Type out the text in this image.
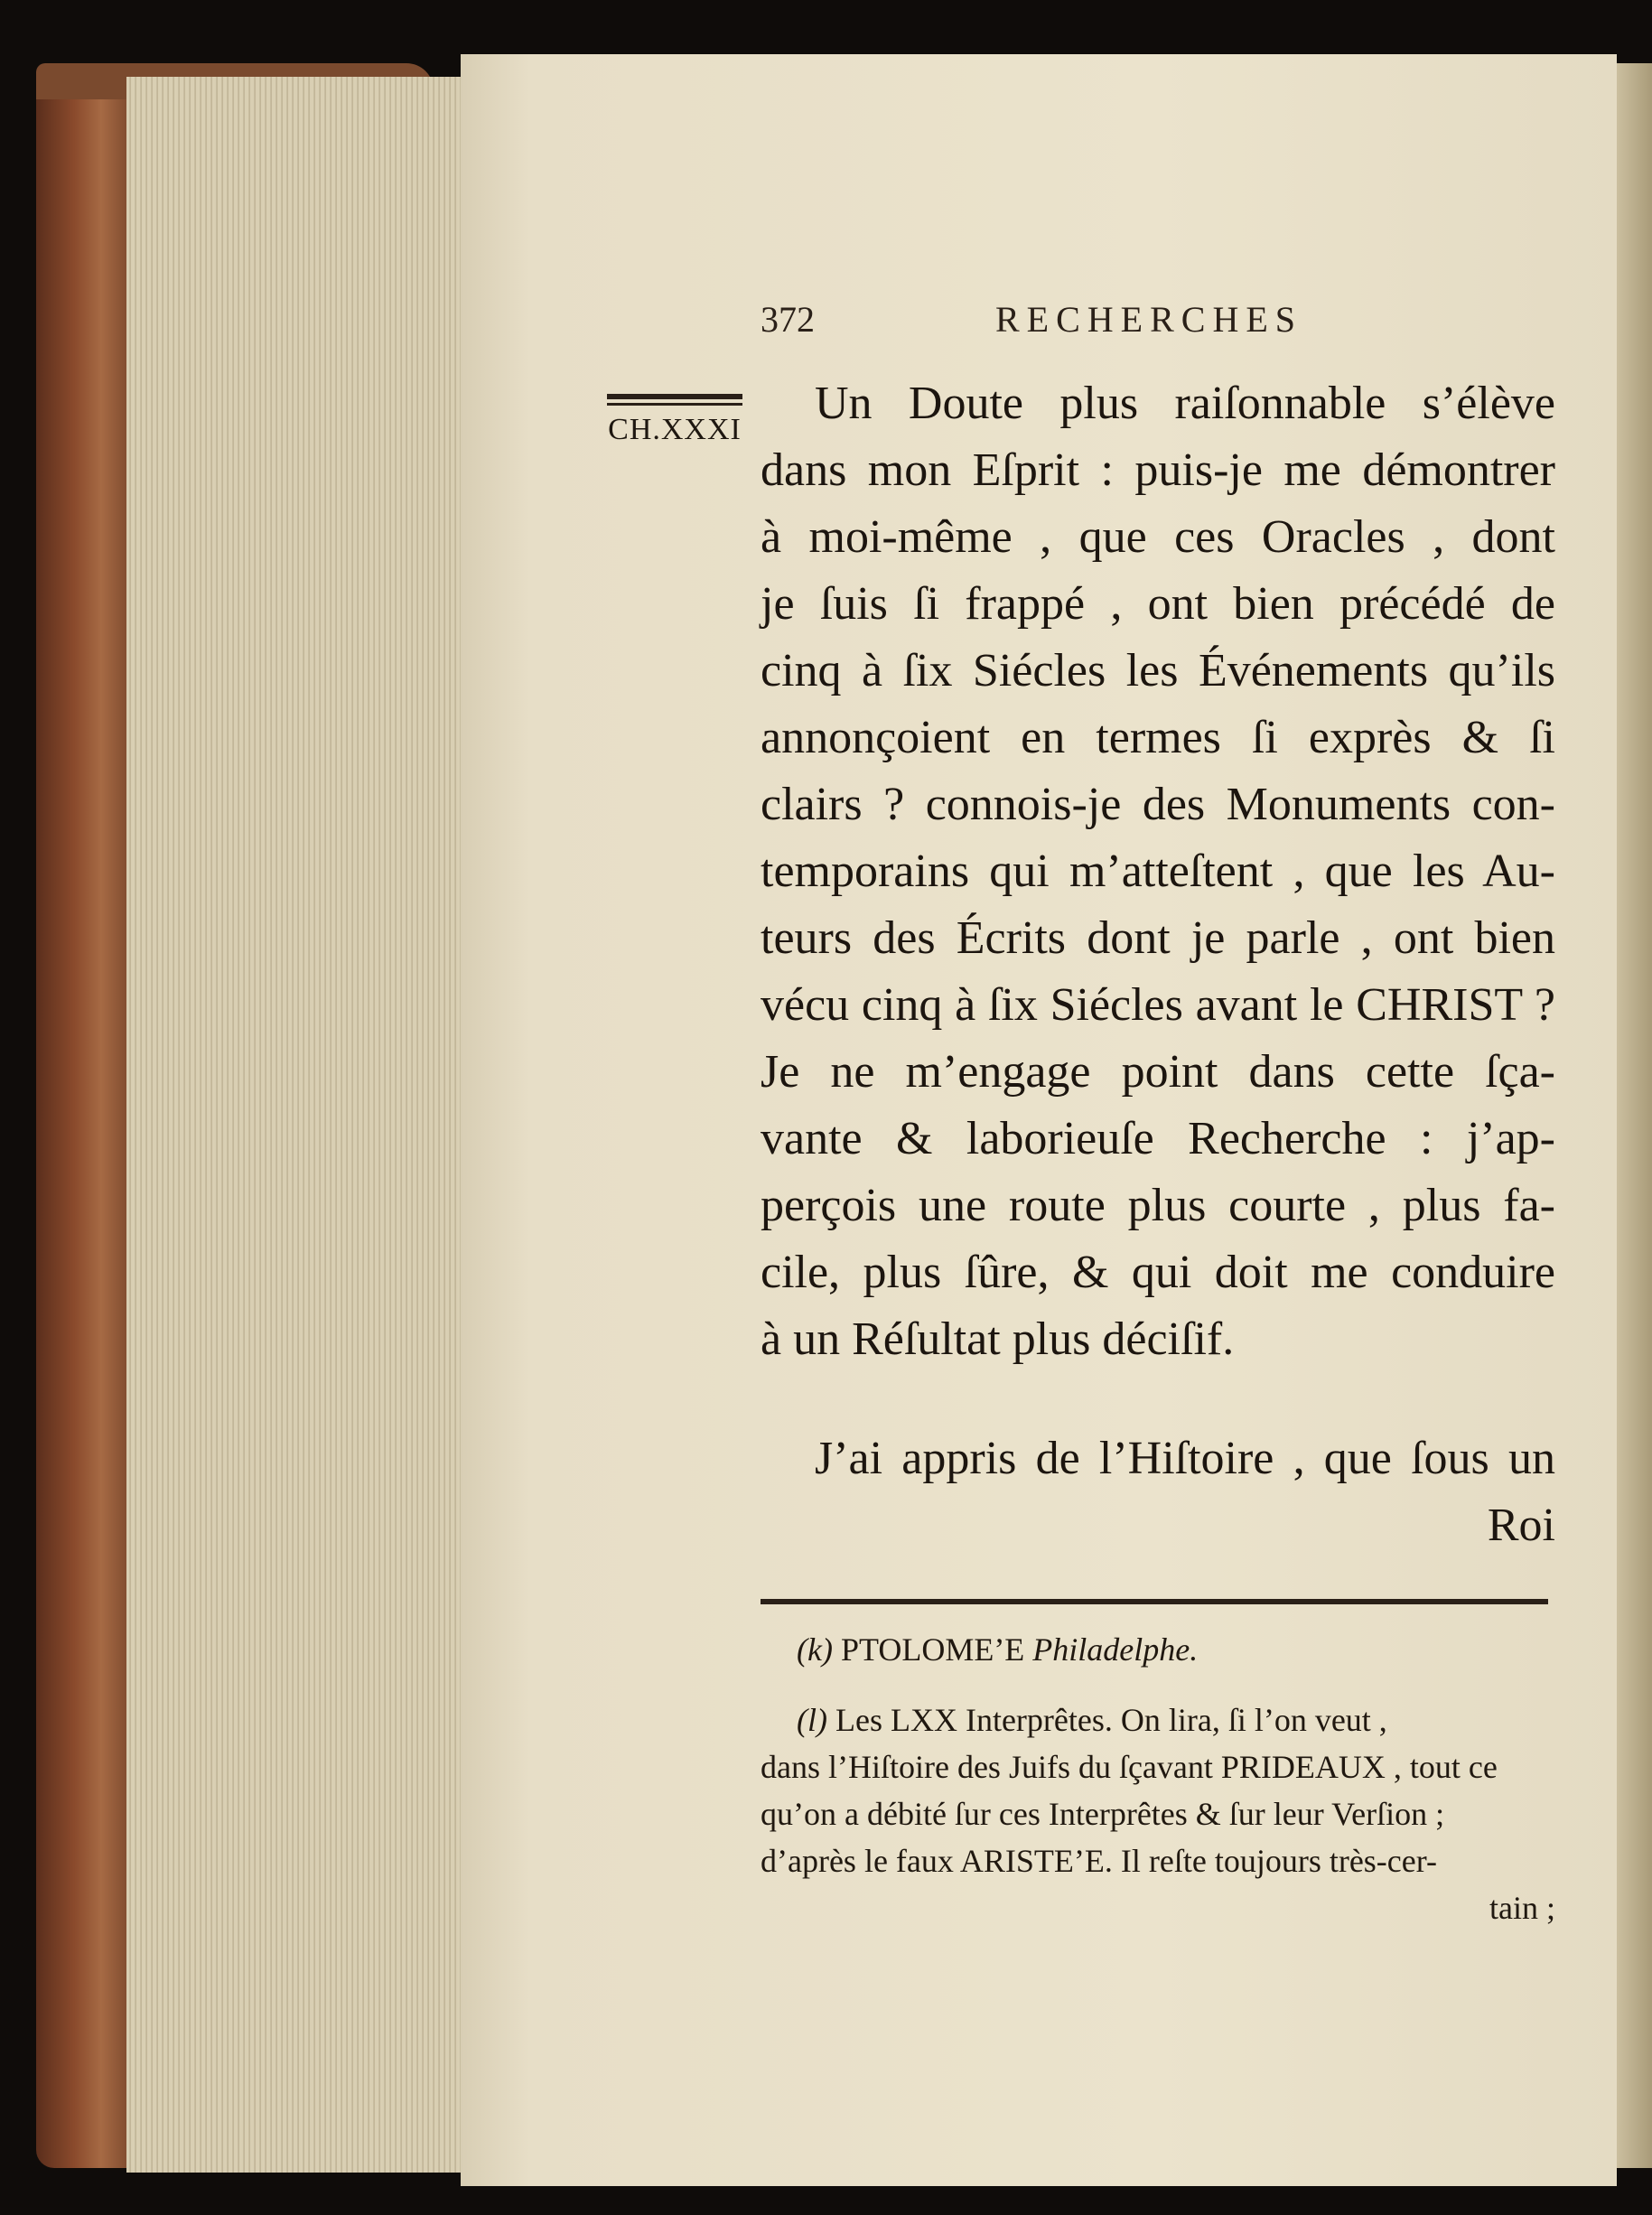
372	RECHERCHES
CH.XXXI
Un Doute plus raiſonnable s’élève
dans mon Eſprit : puis-je me démontrer
à moi-même , que ces Oracles , dont
je ſuis ſi frappé , ont bien précédé de
cinq à ſix Siécles les Événements qu’ils
annonçoient en termes ſi exprès & ſi
clairs ? connois-je des Monuments con-
temporains qui m’atteſtent , que les Au-
teurs des Écrits dont je parle , ont bien
vécu cinq à ſix Siécles avant le CHRIST ?
Je ne m’engage point dans cette ſça-
vante & laborieuſe Recherche : j’ap-
perçois une route plus courte , plus fa-
cile, plus ſûre, & qui doit me conduire
à un Réſultat plus déciſif.
J’ai appris de l’Hiſtoire , que ſous un
Roi
(k) PTOLOME’E Philadelphe.
(l) Les LXX Interprêtes. On lira, ſi l’on veut ,
dans l’Hiſtoire des Juifs du ſçavant PRIDEAUX , tout ce
qu’on a débité ſur ces Interprêtes & ſur leur Verſion ;
d’après le faux ARISTE’E. Il reſte toujours très-cer-
tain ;
